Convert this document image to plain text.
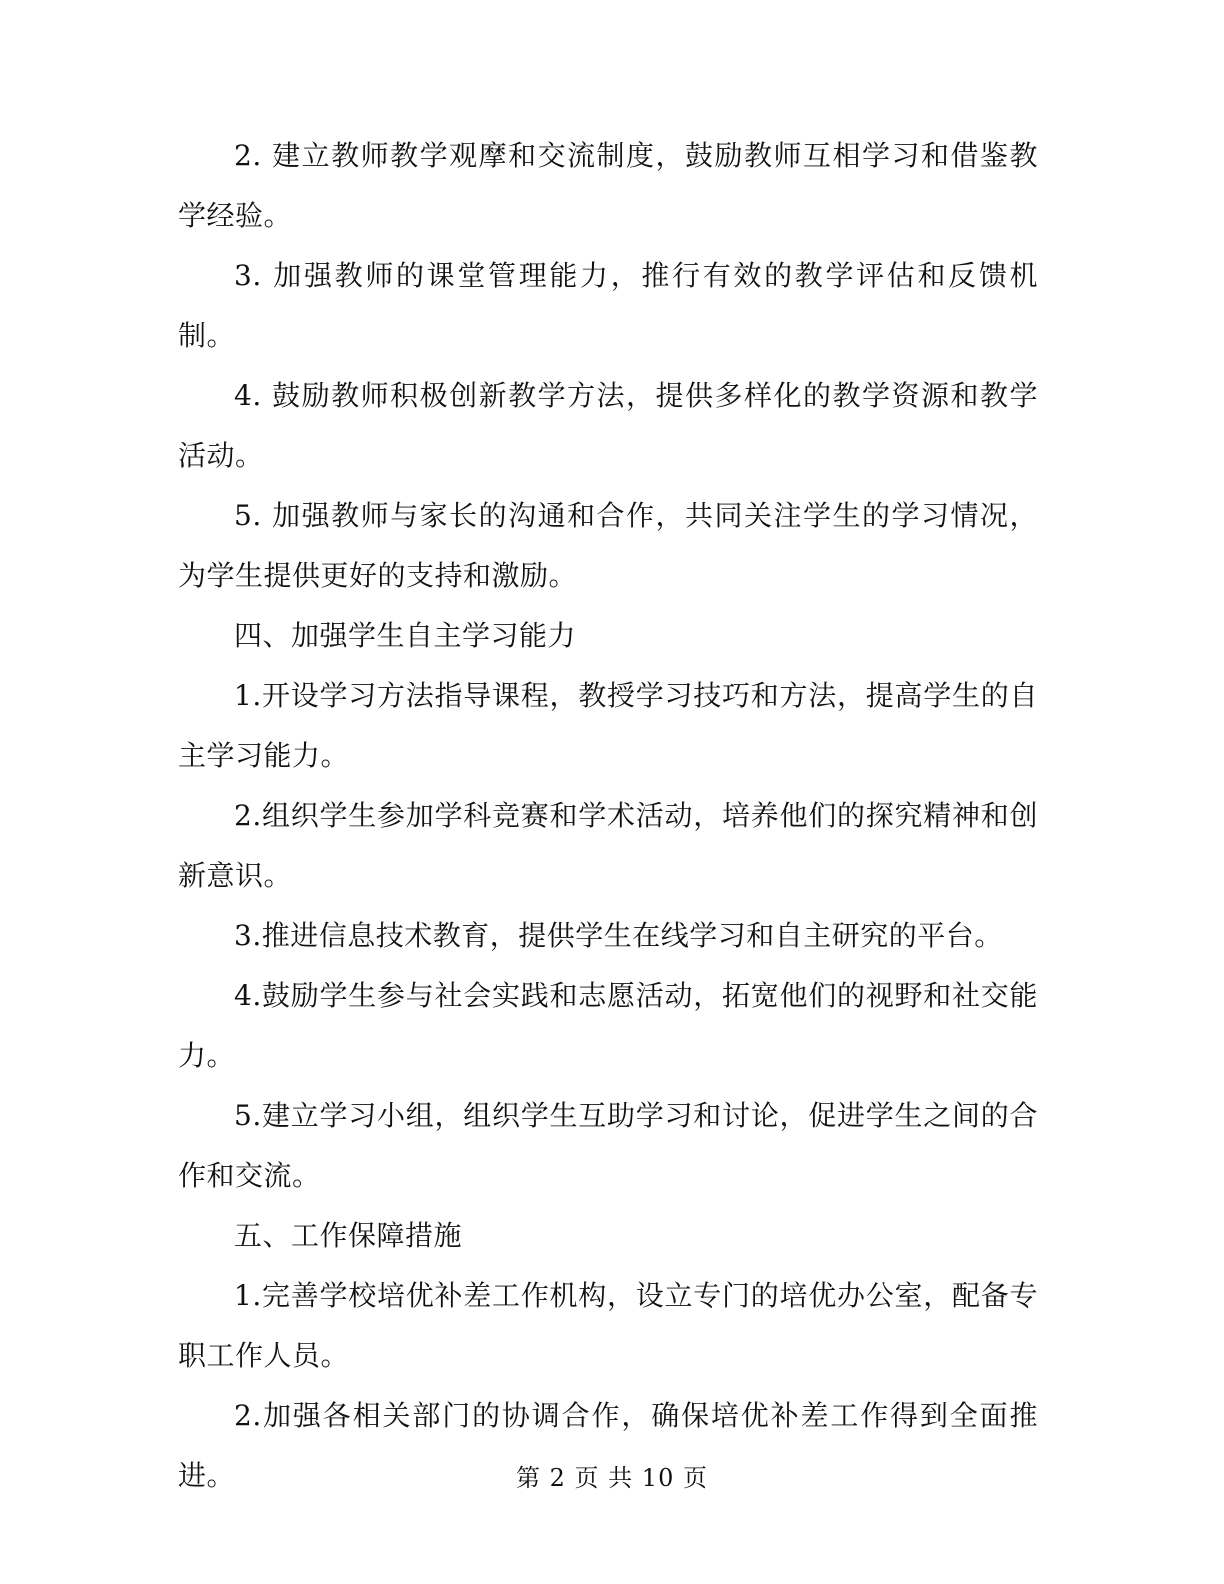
2. 建立教师教学观摩和交流制度，鼓励教师互相学习和借鉴教学经验。

3. 加强教师的课堂管理能力，推行有效的教学评估和反馈机制。

4. 鼓励教师积极创新教学方法，提供多样化的教学资源和教学活动。

5. 加强教师与家长的沟通和合作，共同关注学生的学习情况，为学生提供更好的支持和激励。

四、加强学生自主学习能力

1.开设学习方法指导课程，教授学习技巧和方法，提高学生的自主学习能力。

2.组织学生参加学科竞赛和学术活动，培养他们的探究精神和创新意识。

3.推进信息技术教育，提供学生在线学习和自主研究的平台。

4.鼓励学生参与社会实践和志愿活动，拓宽他们的视野和社交能力。

5.建立学习小组，组织学生互助学习和讨论，促进学生之间的合作和交流。

五、工作保障措施

1.完善学校培优补差工作机构，设立专门的培优办公室，配备专职工作人员。

2.加强各相关部门的协调合作，确保培优补差工作得到全面推进。	第 2 页 共 10 页
